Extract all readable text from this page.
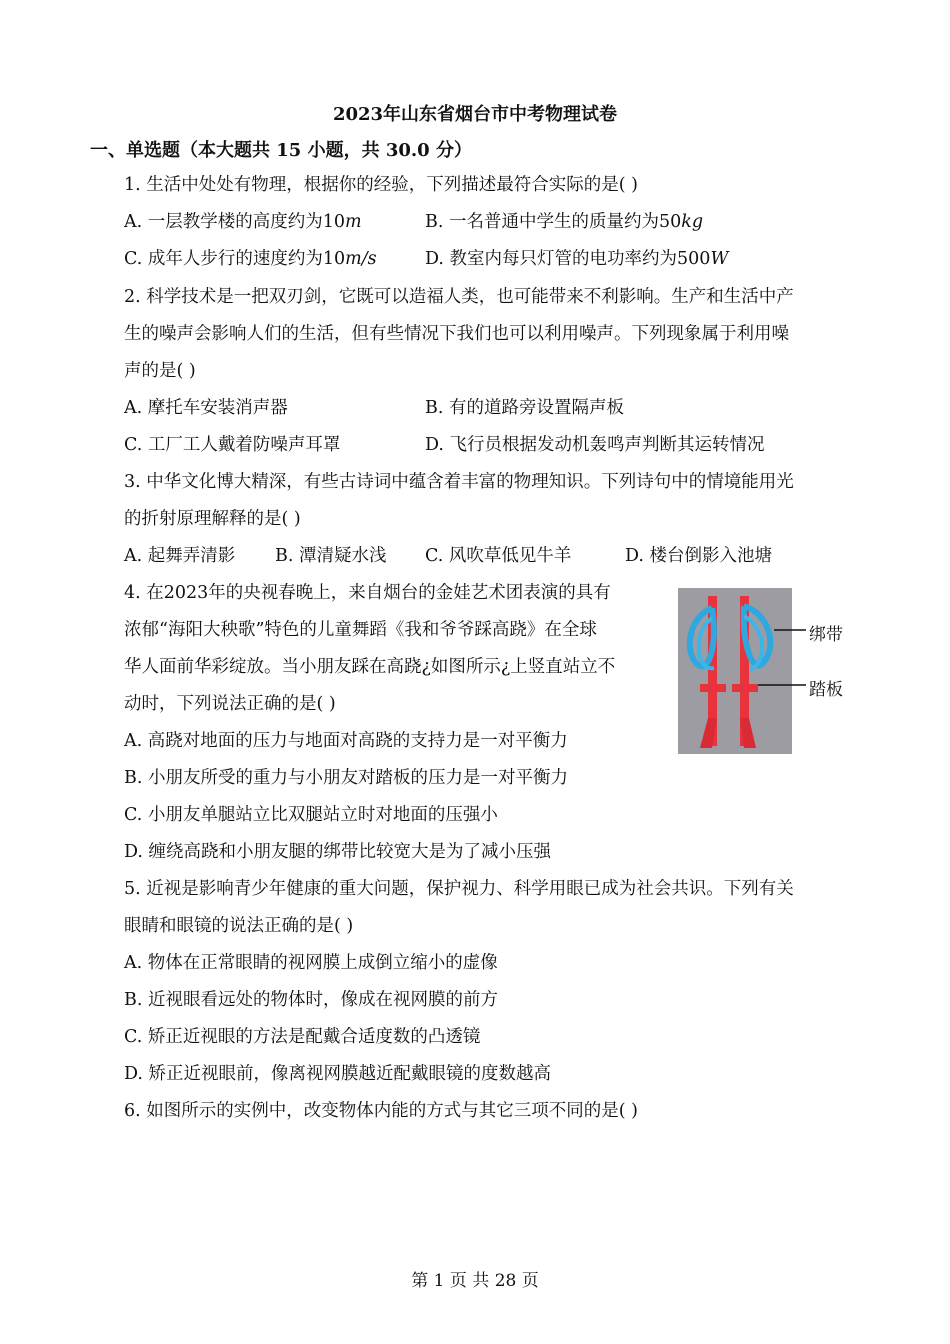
2023年山东省烟台市中考物理试卷
一、单选题（本大题共 15 小题，共 30.0 分）
1. 生活中处处有物理，根据你的经验，下列描述最符合实际的是( )
A. 一层教学楼的高度约为10m	B. 一名普通中学生的质量约为50kg
C. 成年人步行的速度约为10m/s	D. 教室内每只灯管的电功率约为500W
2. 科学技术是一把双刃剑，它既可以造福人类，也可能带来不利影响。生产和生活中产
生的噪声会影响人们的生活，但有些情况下我们也可以利用噪声。下列现象属于利用噪
声的是( )
A. 摩托车安装消声器	B. 有的道路旁设置隔声板
C. 工厂工人戴着防噪声耳罩	D. 飞行员根据发动机轰鸣声判断其运转情况
3. 中华文化博大精深，有些古诗词中蕴含着丰富的物理知识。下列诗句中的情境能用光
的折射原理解释的是( )
A. 起舞弄清影 B. 潭清疑水浅 C. 风吹草低见牛羊	D. 楼台倒影入池塘
4. 在2023年的央视春晚上，来自烟台的金娃艺术团表演的具有
浓郁“海阳大秧歌”特色的儿童舞蹈《我和爷爷踩高跷》在全球
华人面前华彩绽放。当小朋友踩在高跷¿如图所示¿上竖直站立不
动时，下列说法正确的是( )
A. 高跷对地面的压力与地面对高跷的支持力是一对平衡力
B. 小朋友所受的重力与小朋友对踏板的压力是一对平衡力
C. 小朋友单腿站立比双腿站立时对地面的压强小
D. 缠绕高跷和小朋友腿的绑带比较宽大是为了减小压强
绑带
踏板
5. 近视是影响青少年健康的重大问题，保护视力、科学用眼已成为社会共识。下列有关
眼睛和眼镜的说法正确的是( )
A. 物体在正常眼睛的视网膜上成倒立缩小的虚像
B. 近视眼看远处的物体时，像成在视网膜的前方
C. 矫正近视眼的方法是配戴合适度数的凸透镜
D. 矫正近视眼前，像离视网膜越近配戴眼镜的度数越高
6. 如图所示的实例中，改变物体内能的方式与其它三项不同的是( )
第 1 页 共 28 页
